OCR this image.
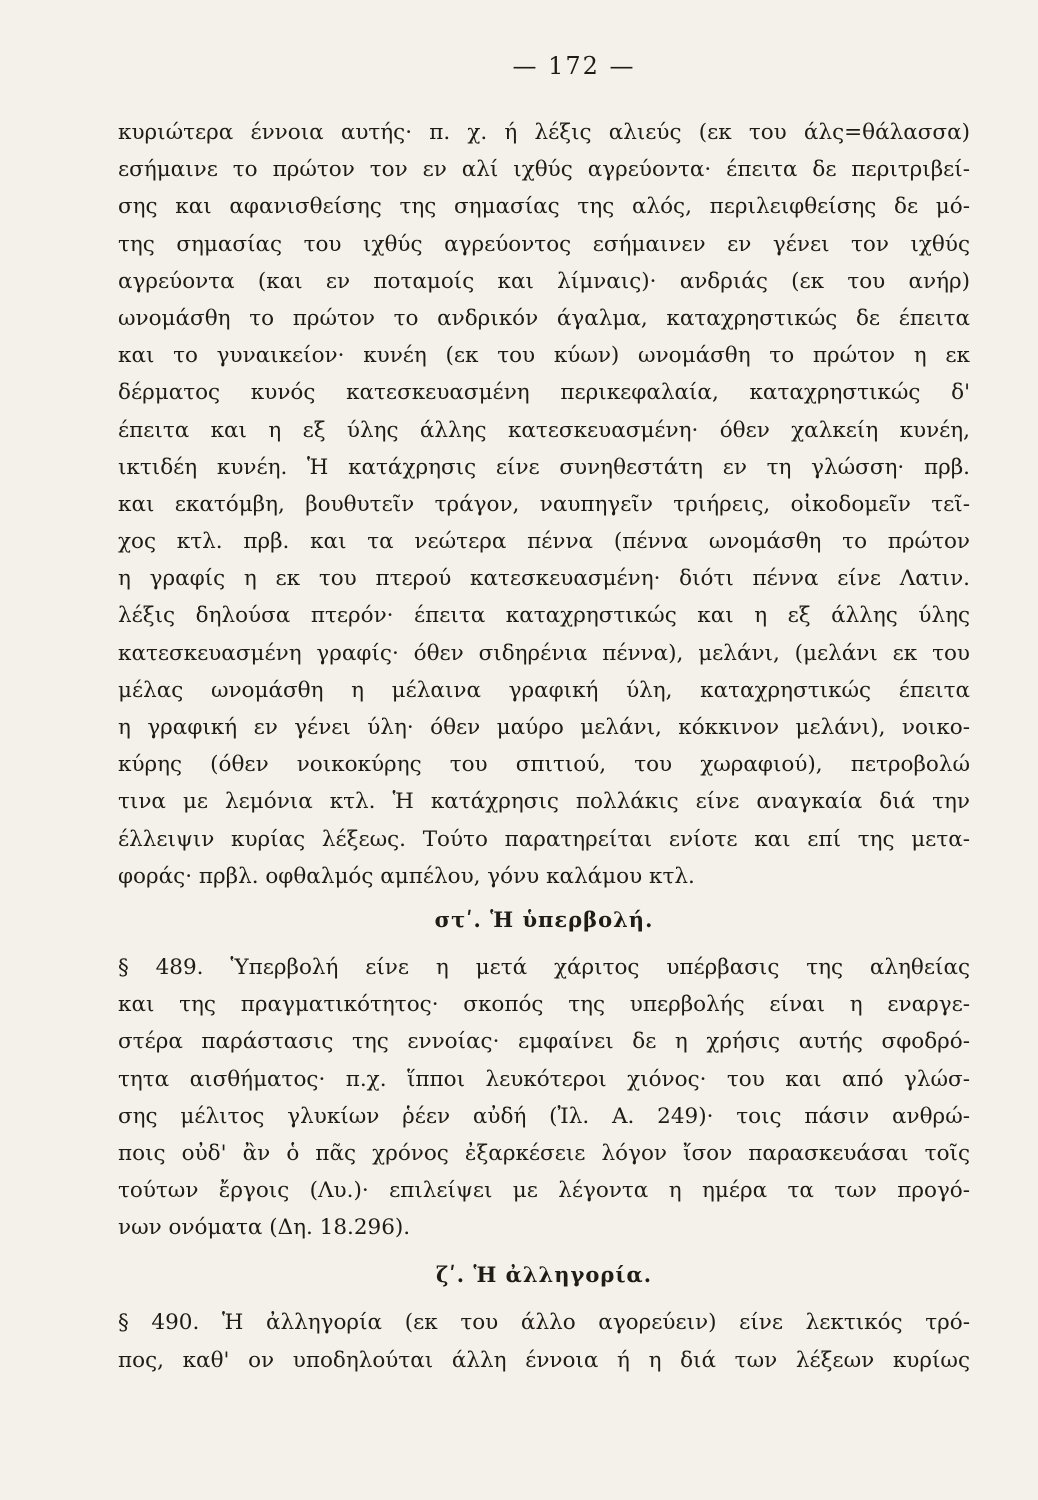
— 172 —
κυριώτερα έννοια αυτής· π. χ. ή λέξις αλιεύς (εκ του άλς=θάλασσα)
εσήμαινε το πρώτον τον εν αλί ιχθύς αγρεύοντα· έπειτα δε περιτριβεί-
σης και αφανισθείσης της σημασίας της αλός, περιλειφθείσης δε μό-
της σημασίας του ιχθύς αγρεύοντος εσήμαινεν εν γένει τον ιχθύς
αγρεύοντα (και εν ποταμοίς και λίμναις)· ανδριάς (εκ του ανήρ)
ωνομάσθη το πρώτον το ανδρικόν άγαλμα, καταχρηστικώς δε έπειτα
και το γυναικείον· κυνέη (εκ του κύων) ωνομάσθη το πρώτον η εκ
δέρματος κυνός κατεσκευασμένη περικεφαλαία, καταχρηστικώς δ'
έπειτα και η εξ ύλης άλλης κατεσκευασμένη· όθεν χαλκείη κυνέη,
ικτιδέη κυνέη. Ἡ κατάχρησις είνε συνηθεστάτη εν τη γλώσση· πρβ.
και εκατόμβη, βουθυτεῖν τράγον, ναυπηγεῖν τριήρεις, οἰκοδομεῖν τεῖ-
χος κτλ. πρβ. και τα νεώτερα πέννα (πέννα ωνομάσθη το πρώτον
η γραφίς η εκ του πτερού κατεσκευασμένη· διότι πέννα είνε Λατιν.
λέξις δηλούσα πτερόν· έπειτα καταχρηστικώς και η εξ άλλης ύλης
κατεσκευασμένη γραφίς· όθεν σιδηρένια πέννα), μελάνι, (μελάνι εκ του
μέλας ωνομάσθη η μέλαινα γραφική ύλη, καταχρηστικώς έπειτα
η γραφική εν γένει ύλη· όθεν μαύρο μελάνι, κόκκινον μελάνι), νοικο-
κύρης (όθεν νοικοκύρης του σπιτιού, του χωραφιού), πετροβολώ
τινα με λεμόνια κτλ. Ἡ κατάχρησις πολλάκις είνε αναγκαία διά την
έλλειψιν κυρίας λέξεως. Τούτο παρατηρείται ενίοτε και επί της μετα-
φοράς· πρβλ. οφθαλμός αμπέλου, γόνυ καλάμου κτλ.
στʹ. Ἡ ὑπερβολή.
§ 489. Ὑπερβολή είνε η μετά χάριτος υπέρβασις της αληθείας
και της πραγματικότητος· σκοπός της υπερβολής είναι η εναργε-
στέρα παράστασις της εννοίας· εμφαίνει δε η χρήσις αυτής σφοδρό-
τητα αισθήματος· π.χ. ἵπποι λευκότεροι χιόνος· του και από γλώσ-
σης μέλιτος γλυκίων ῥέεν αὐδή (Ἰλ. Α. 249)· τοις πάσιν ανθρώ-
ποις οὐδ' ἂν ὁ πᾶς χρόνος ἐξαρκέσειε λόγον ἴσον παρασκευάσαι τοῖς
τούτων ἔργοις (Λυ.)· επιλείψει με λέγοντα η ημέρα τα των προγό-
νων ονόματα (Δη. 18.296).
ζʹ. Ἡ ἀλληγορία.
§ 490. Ἡ ἀλληγορία (εκ του άλλο αγορεύειν) είνε λεκτικός τρό-
πος, καθ' ον υποδηλούται άλλη έννοια ή η διά των λέξεων κυρίως
